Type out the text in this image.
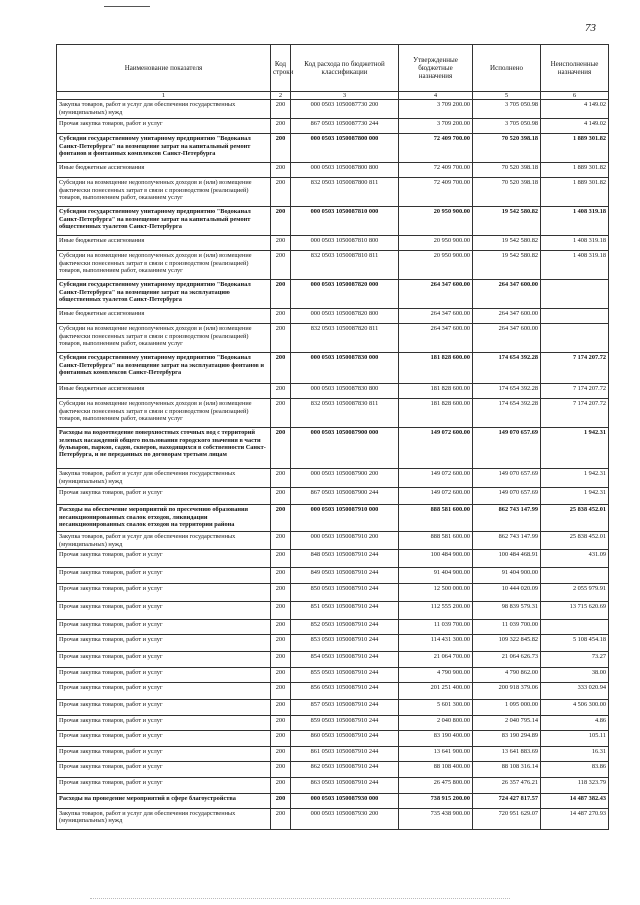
73
Наименование показателя	Код строки	Код расхода по бюджетной классификации	Утвержденные бюджетные назначения	Исполнено	Неисполненные назначения
1	2	3	4	5	6
Закупка товаров, работ и услуг для обеспечения государственных (муниципальных) нужд	200	000 0503 1050087730 200	3 709 200.00	3 705 050.98	4 149.02
Прочая закупка товаров, работ и услуг	200	867 0503 1050087730 244	3 709 200.00	3 705 050.98	4 149.02
Субсидии государственному унитарному предприятию "Водоканал Санкт-Петербурга" на возмещение затрат на капитальный ремонт фонтанов и фонтанных комплексов Санкт-Петербурга	200	000 0503 1050087800 000	72 409 700.00	70 520 398.18	1 889 301.82
Иные бюджетные ассигнования	200	000 0503 1050087800 800	72 409 700.00	70 520 398.18	1 889 301.82
Субсидии на возмещение недополученных доходов и (или) возмещение фактически понесенных затрат в связи с производством (реализацией) товаров, выполнением работ, оказанием услуг	200	832 0503 1050087800 811	72 409 700.00	70 520 398.18	1 889 301.82
Субсидии государственному унитарному предприятию "Водоканал Санкт-Петербурга" на возмещение затрат на капитальный ремонт общественных туалетов Санкт-Петербурга	200	000 0503 1050087810 000	20 950 900.00	19 542 580.82	1 408 319.18
Иные бюджетные ассигнования	200	000 0503 1050087810 800	20 950 900.00	19 542 580.82	1 408 319.18
Субсидии на возмещение недополученных доходов и (или) возмещение фактически понесенных затрат в связи с производством (реализацией) товаров, выполнением работ, оказанием услуг	200	832 0503 1050087810 811	20 950 900.00	19 542 580.82	1 408 319.18
Субсидии государственному унитарному предприятию "Водоканал Санкт-Петербурга" на возмещение затрат на эксплуатацию общественных туалетов Санкт-Петербурга	200	000 0503 1050087820 000	264 347 600.00	264 347 600.00	
Иные бюджетные ассигнования	200	000 0503 1050087820 800	264 347 600.00	264 347 600.00	
Субсидии на возмещение недополученных доходов и (или) возмещение фактически понесенных затрат в связи с производством (реализацией) товаров, выполнением работ, оказанием услуг	200	832 0503 1050087820 811	264 347 600.00	264 347 600.00	
Субсидии государственному унитарному предприятию "Водоканал Санкт-Петербурга" на возмещение затрат на эксплуатацию фонтанов и фонтанных комплексов Санкт-Петербурга	200	000 0503 1050087830 000	181 828 600.00	174 654 392.28	7 174 207.72
Иные бюджетные ассигнования	200	000 0503 1050087830 800	181 828 600.00	174 654 392.28	7 174 207.72
Субсидии на возмещение недополученных доходов и (или) возмещение фактически понесенных затрат в связи с производством (реализацией) товаров, выполнением работ, оказанием услуг	200	832 0503 1050087830 811	181 828 600.00	174 654 392.28	7 174 207.72
Расходы на водоотведение поверхностных сточных вод с территорий зеленых насаждений общего пользования городского значения в части бульваров, парков, садов, скверов, находящихся в собственности Санкт-Петербурга, и не переданных по договорам третьим лицам	200	000 0503 1050087900 000	149 072 600.00	149 070 657.69	1 942.31
Закупка товаров, работ и услуг для обеспечения государственных (муниципальных) нужд	200	000 0503 1050087900 200	149 072 600.00	149 070 657.69	1 942.31
Прочая закупка товаров, работ и услуг	200	867 0503 1050087900 244	149 072 600.00	149 070 657.69	1 942.31
Расходы на обеспечение мероприятий по пресечению образования несанкционированных свалок отходов, ликвидации несанкционированных свалок отходов на территории района	200	000 0503 1050087910 000	888 581 600.00	862 743 147.99	25 838 452.01
Закупка товаров, работ и услуг для обеспечения государственных (муниципальных) нужд	200	000 0503 1050087910 200	888 581 600.00	862 743 147.99	25 838 452.01
Прочая закупка товаров, работ и услуг	200	848 0503 1050087910 244	100 484 900.00	100 484 468.91	431.09
Прочая закупка товаров, работ и услуг	200	849 0503 1050087910 244	91 404 900.00	91 404 900.00	
Прочая закупка товаров, работ и услуг	200	850 0503 1050087910 244	12 500 000.00	10 444 020.09	2 055 979.91
Прочая закупка товаров, работ и услуг	200	851 0503 1050087910 244	112 555 200.00	98 839 579.31	13 715 620.69
Прочая закупка товаров, работ и услуг	200	852 0503 1050087910 244	11 039 700.00	11 039 700.00	
Прочая закупка товаров, работ и услуг	200	853 0503 1050087910 244	114 431 300.00	109 322 845.82	5 108 454.18
Прочая закупка товаров, работ и услуг	200	854 0503 1050087910 244	21 064 700.00	21 064 626.73	73.27
Прочая закупка товаров, работ и услуг	200	855 0503 1050087910 244	4 790 900.00	4 790 862.00	38.00
Прочая закупка товаров, работ и услуг	200	856 0503 1050087910 244	201 251 400.00	200 918 379.06	333 020.94
Прочая закупка товаров, работ и услуг	200	857 0503 1050087910 244	5 601 300.00	1 095 000.00	4 506 300.00
Прочая закупка товаров, работ и услуг	200	859 0503 1050087910 244	2 040 800.00	2 040 795.14	4.86
Прочая закупка товаров, работ и услуг	200	860 0503 1050087910 244	83 190 400.00	83 190 294.89	105.11
Прочая закупка товаров, работ и услуг	200	861 0503 1050087910 244	13 641 900.00	13 641 883.69	16.31
Прочая закупка товаров, работ и услуг	200	862 0503 1050087910 244	88 108 400.00	88 108 316.14	83.86
Прочая закупка товаров, работ и услуг	200	863 0503 1050087910 244	26 475 800.00	26 357 476.21	118 323.79
Расходы на проведение мероприятий в сфере благоустройства	200	000 0503 1050087930 000	738 915 200.00	724 427 817.57	14 487 382.43
Закупка товаров, работ и услуг для обеспечения государственных (муниципальных) нужд	200	000 0503 1050087930 200	735 438 900.00	720 951 629.07	14 487 270.93
